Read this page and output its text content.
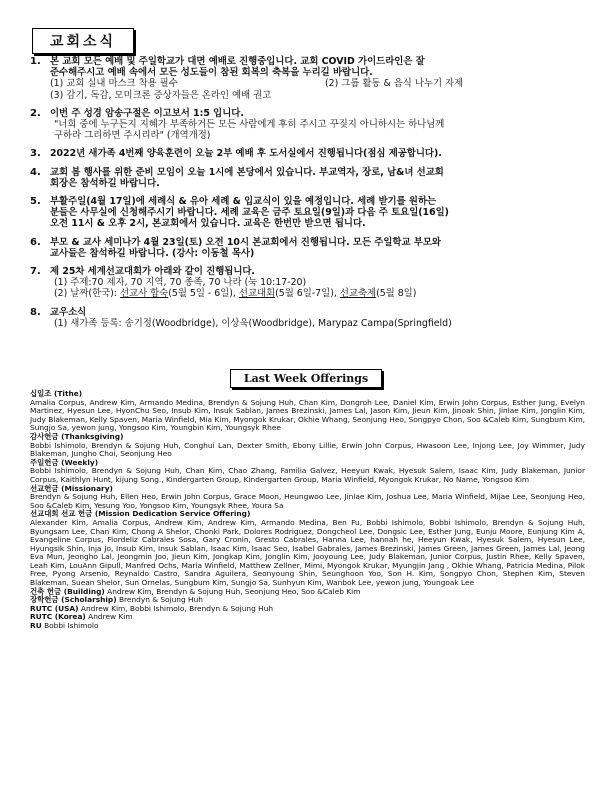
교회소식
1. 본 교회 모든 예배 및 주일학교가 대면 예배로 진행중입니다. 교회 COVID 가이드라인은 잘
준수해주시고 예배 속에서 모든 성도들이 참된 회복의 축복을 누리길 바랍니다.
(1) 교회 실내 마스크 착용 필수	(2) 그룹 활동 & 음식 나누기 자제
(3) 감기, 독감, 모미크론 증상자들은 온라인 예배 권고
2. 이번 주 성경 암송구절은 이고보서 1:5 입니다.
"너희 중에 누구든지 지혜가 부족하거든 모든 사람에게 후히 주시고 꾸짖지 아니하시는 하나님께
구하라 그리하면 주시리라" (개역개정)
3. 2022년 새가족 4번째 양육훈련이 오늘 2부 예배 후 도서실에서 진행됩니다(점심 제공합니다).
4. 교회 봄 행사를 위한 준비 모임이 오늘 1시에 본당에서 있습니다. 부교역자, 장로, 남&녀 선교회
회장은 참석하길 바랍니다.
5. 부활주일(4월 17일)에 세례식 & 유아 세례 & 입교식이 있을 예정입니다. 세례 받기를 원하는
분들은 사무실에 신청해주시기 바랍니다. 세례 교육은 금주 토요일(9일)과 다음 주 토요일(16일)
오전 11시 & 오후 2시, 본교회에서 있습니다. 교육은 한번만 받으면 됩니다.
6. 부모 & 교사 세미나가 4월 23일(토) 오전 10시 본교회에서 진행됩니다. 모든 주일학교 부모와
교사들은 참석하길 바랍니다. (강사: 이동철 목사)
7. 제 25차 세계선교대회가 아래와 같이 진행됩니다.
(1) 주제:70 제자, 70 지역, 70 종족, 70 나라 (눅 10:17-20)
(2) 날짜(한국): 선교사 합숙(5월 5일 - 6일), 선교대회(5월 6일-7일), 선교축제(5월 8일)
8. 교우소식
(1) 새가족 등록: 송기정(Woodbridge), 이상욱(Woodbridge), Marypaz Campa(Springfield)
Last Week Offerings
십일조 (Tithe)
Amalia Corpus, Andrew Kim, Armando Medina, Brendyn & Sojung Huh, Chan Kim, Dongroh Lee, Daniel Kim, Erwin John Corpus, Esther Jung, Evelyn Martinez, Hyesun Lee, HyonChu Seo, Insub Kim, Insuk Sablan, James Brezinski, James Lal, Jason Kim, Jieun Kim, Jinoak Shin, Jinlae Kim, Jonglin Kim, Judy Blakeman, Kelly Spaven, Maria Winfield, Mia Kim, Myongok Krukar, Okhie Whang, Seonjung Heo, Songpyo Chon, Soo &Caleb Kim, Sungbum Kim, Sungjo Sa, yewon jung, Yongsoo Kim, Youngbin Kim, Youngsyk Rhee
감사헌금 (Thanksgiving)
Bobbi Ishimolo, Brendyn & Sojung Huh, Conghui Lan, Dexter Smith, Ebony Lillie, Erwin John Corpus, Hwasoon Lee, Injong Lee, Joy Wimmer, Judy Blakeman, Jungho Choi, Seonjung Heo
주일헌금 (Weekly)
Bobbi Ishimolo, Brendyn & Sojung Huh, Chan Kim, Chao Zhang, Familia Galvez, Heeyun Kwak, Hyesuk Salem, Isaac Kim, Judy Blakeman, Junior Corpus, Kaithlyn Hunt, kijung Song., Kindergarten Group, Kindergarten Group, Maria Winfield, Myongok Krukar, No Name, Yongsoo Kim
선교헌금 (Missionary)
Brendyn & Sojung Huh, Ellen Heo, Erwin John Corpus, Grace Moon, Heungwoo Lee, Jinlae Kim, Joshua Lee, Maria Winfield, Mijae Lee, Seonjung Heo, Soo &Caleb Kim, Yesung Yoo, Yongsoo Kim, Youngsyk Rhee, Youra Sa
선교대회 선교 헌금 (Mission Dedication Service Offering)
Alexander Kim, Amalia Corpus, Andrew Kim, Andrew Kim, Armando Medina, Ben Fu, Bobbi Ishimolo, Bobbi Ishimolo, Brendyn & Sojung Huh, Byungsam Lee, Chan Kim, Chong A Shelor, Chonki Park, Dolores Rodriguez, Dongcheol Lee, Dongsic Lee, Esther Jung, Eunju Moore, Eunjung Kim A, Evangeline Corpus, Fiordeliz Cabrales Sosa, Gary Cronin, Gresto Cabrales, Hanna Lee, hannah he, Heeyun Kwak, Hyesuk Salem, Hyesun Lee, Hyungsik Shin, Inja Jo, Insub Kim, Insuk Sablan, Isaac Kim, Isaac Seo, Isabel Gabrales, James Brezinski, James Green, James Green, James Lal, Jeong Eva Mun, Jeongho Lal, Jeongmin Joo, Jieun Kim, Jongkap Kim, Jonglin Kim, Jooyoung Lee, Judy Blakeman, Junior Corpus, Justin Rhee, Kelly Spaven, Leah Kim, LouAnn Gipull, Manfred Ochs, Maria Winfield, Matthew Zellner, Mimi, Myongok Krukar, Myungjin Jang , Okhie Whang, Patricia Medina, Pilok Free, Pyong Arsenio, Reynaldo Castro, Sandra Aguilera, Seonyoung Shin, Seunghoon Yoo, Son H. Kim, Songpyo Chon, Stephen Kim, Steven Blakeman, Suean Shelor, Sun Ornelas, Sungbum Kim, Sungjo Sa, Sunhyun Kim, Wanbok Lee, yewon jung, Youngoak Lee
건축 헌금 (Building) Andrew Kim, Brendyn & Sojung Huh, Seonjung Heo, Soo &Caleb Kim
장학헌금 (Scholarship) Brendyn & Sojung Huh
RUTC (USA) Andrew Kim, Bobbi Ishimolo, Brendyn & Sojung Huh
RUTC (Korea) Andrew Kim
RU Bobbi Ishimolo
